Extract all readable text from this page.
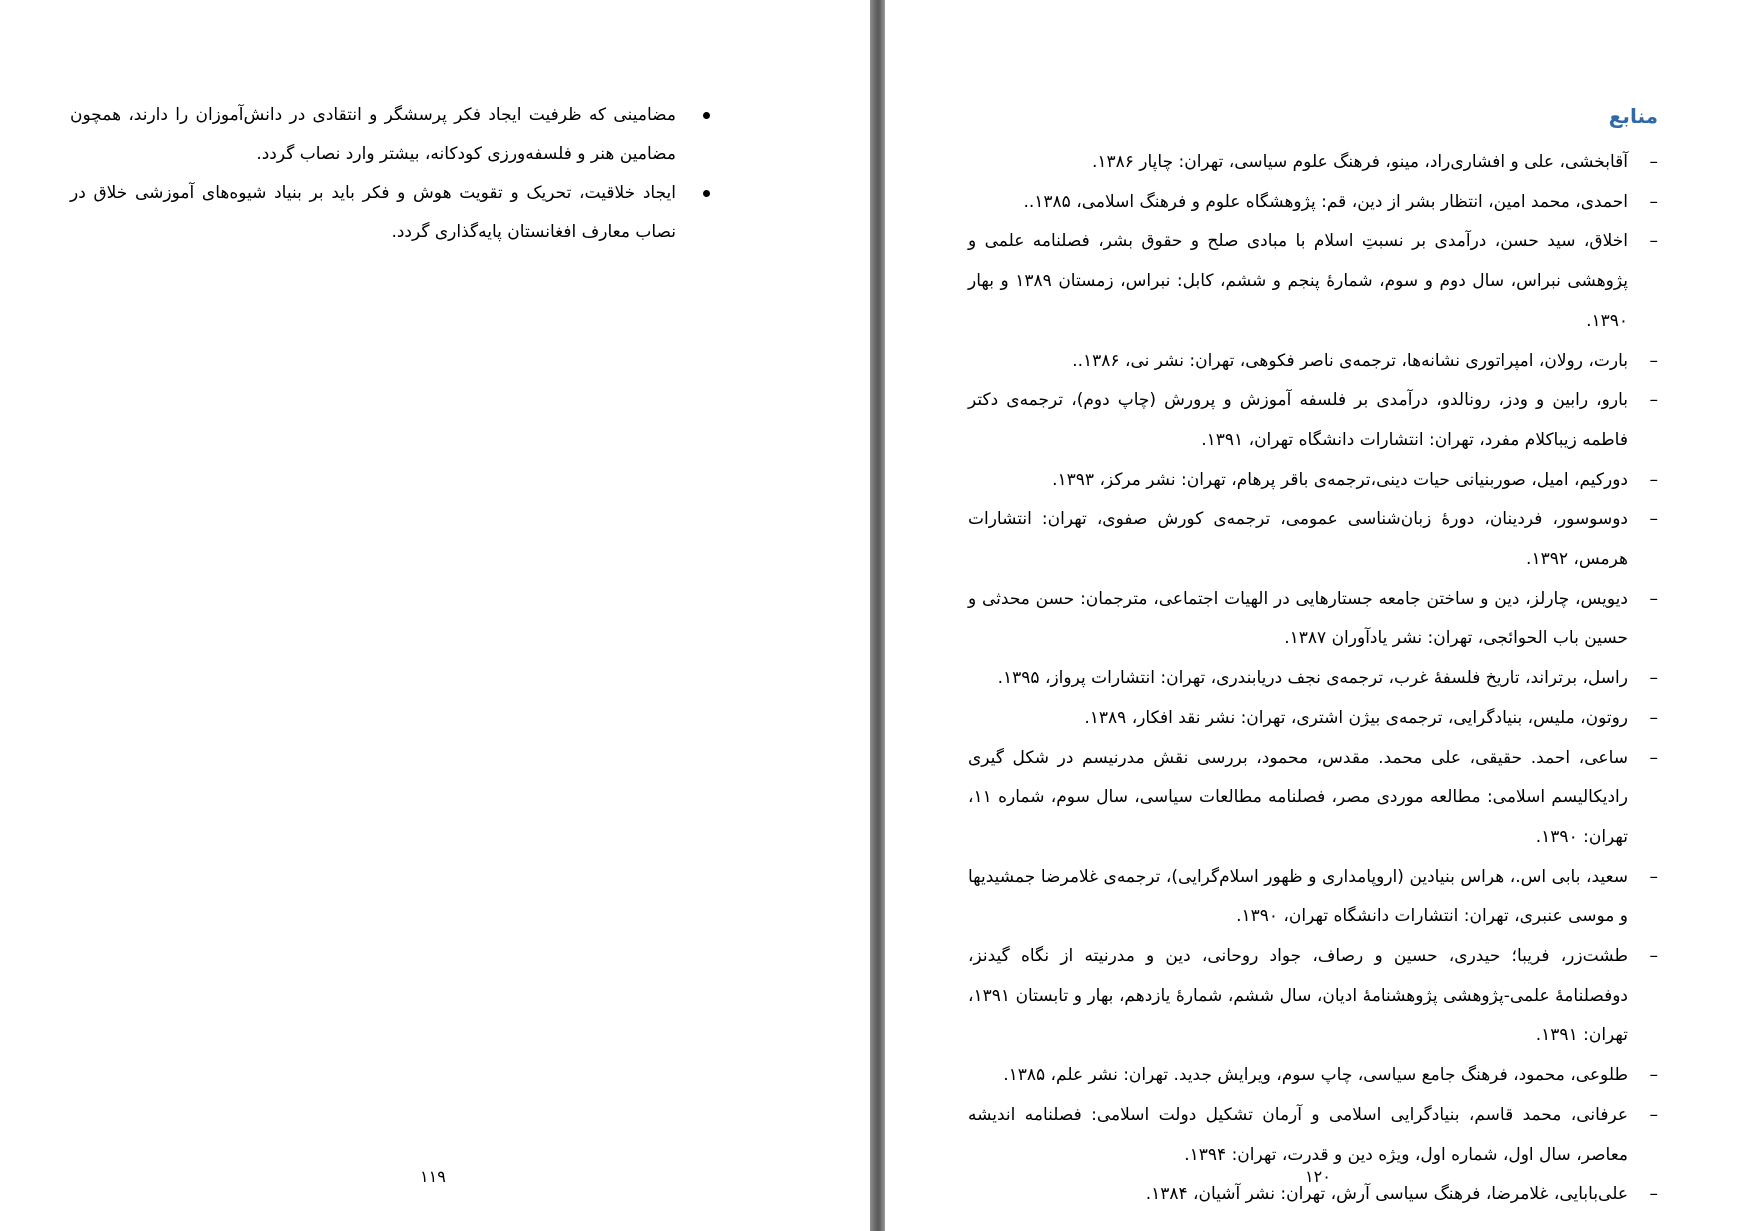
مضامینی که ظرفیت ایجاد فکر پرسشگر و انتقادی در دانش‌آموزان را دارند، همچون مضامین هنر و فلسفه‌ورزی کودکانه، بیشتر وارد نصاب گردد.
ایجاد خلاقیت، تحریک و تقویت هوش و فکر باید بر بنیاد شیوه‌های آموزشی خلاق در نصاب معارف افغانستان پایه‌گذاری گردد.
۱۱۹
منابع
–
آقابخشی، علی و افشاری‌راد، مینو، فرهنگ علوم سیاسی، تهران: چاپار ۱۳۸۶.
–
احمدی، محمد امین، انتظار بشر از دین، قم: پژوهشگاه علوم و فرهنگ اسلامی، ۱۳۸۵..
–
اخلاق، سید حسن، درآمدی بر نسبتِ اسلام با مبادی صلح و حقوق بشر، فصلنامه علمی و پژوهشی نبراس، سال دوم و سوم، شمارۀ پنجم و ششم، کابل: نبراس، زمستان ۱۳۸۹ و بهار ۱۳۹۰.
–
بارت، رولان، امپراتوری نشانه‌ها، ترجمه‌ی ناصر فکوهی، تهران: نشر نی، ۱۳۸۶..
–
بارو، رابین و ودز، رونالدو، درآمدی بر فلسفه آموزش و پرورش (چاپ دوم)، ترجمه‌ی دکتر فاطمه زیباکلام مفرد، تهران: انتشارات دانشگاه تهران، ۱۳۹۱.
–
دورکیم، امیل، صوربنیانی حیات دینی،ترجمه‌ی باقر پرهام، تهران: نشر مرکز، ۱۳۹۳.
–
دوسوسور، فردینان، دورۀ زبان‌شناسی عمومی، ترجمه‌ی کورش صفوی، تهران: انتشارات هرمس، ۱۳۹۲.
–
دیویس، چارلز، دین و ساختن جامعه جستارهایی در الهیات اجتماعی، مترجمان: حسن محدثی و حسین باب الحوائجی، تهران: نشر یادآوران ۱۳۸۷.
–
راسل، برتراند، تاریخ فلسفۀ غرب، ترجمه‌ی نجف دریابندری، تهران: انتشارات پرواز، ۱۳۹۵.
–
روتون، ملیس، بنیادگرایی، ترجمه‌ی بیژن اشتری، تهران: نشر نقد افکار، ۱۳۸۹.
–
ساعی، احمد. حقیقی، علی محمد. مقدس، محمود، بررسی نقش مدرنیسم در شکل گیری رادیکالیسم اسلامی: مطالعه موردی مصر، فصلنامه مطالعات سیاسی، سال سوم، شماره ۱۱، تهران: ۱۳۹۰.
–
سعید، بابی اس.، هراس بنیادین (اروپامداری و ظهور اسلام‌گرایی)، ترجمه‌ی غلامرضا جمشیدیها و موسی عنبری، تهران: انتشارات دانشگاه تهران، ۱۳۹۰.
–
طشت‌زر، فریبا؛ حیدری، حسین و رصاف، جواد روحانی، دین و مدرنیته از نگاه گیدنز، دوفصلنامۀ علمی-پژوهشی پژوهشنامۀ ادیان، سال ششم، شمارۀ یازدهم، بهار و تابستان ۱۳۹۱، تهران: ۱۳۹۱.
–
طلوعی، محمود، فرهنگ جامع سیاسی، چاپ سوم، ویرایش جدید. تهران: نشر علم، ۱۳۸۵.
–
عرفانی، محمد قاسم، بنیادگرایی اسلامی و آرمان تشکیل دولت اسلامی: فصلنامه اندیشه معاصر، سال اول، شماره اول، ویژه دین و قدرت، تهران: ۱۳۹۴.
–
علی‌بابایی، غلامرضا، فرهنگ سیاسی آرش، تهران: نشر آشیان، ۱۳۸۴.
۱۲۰
